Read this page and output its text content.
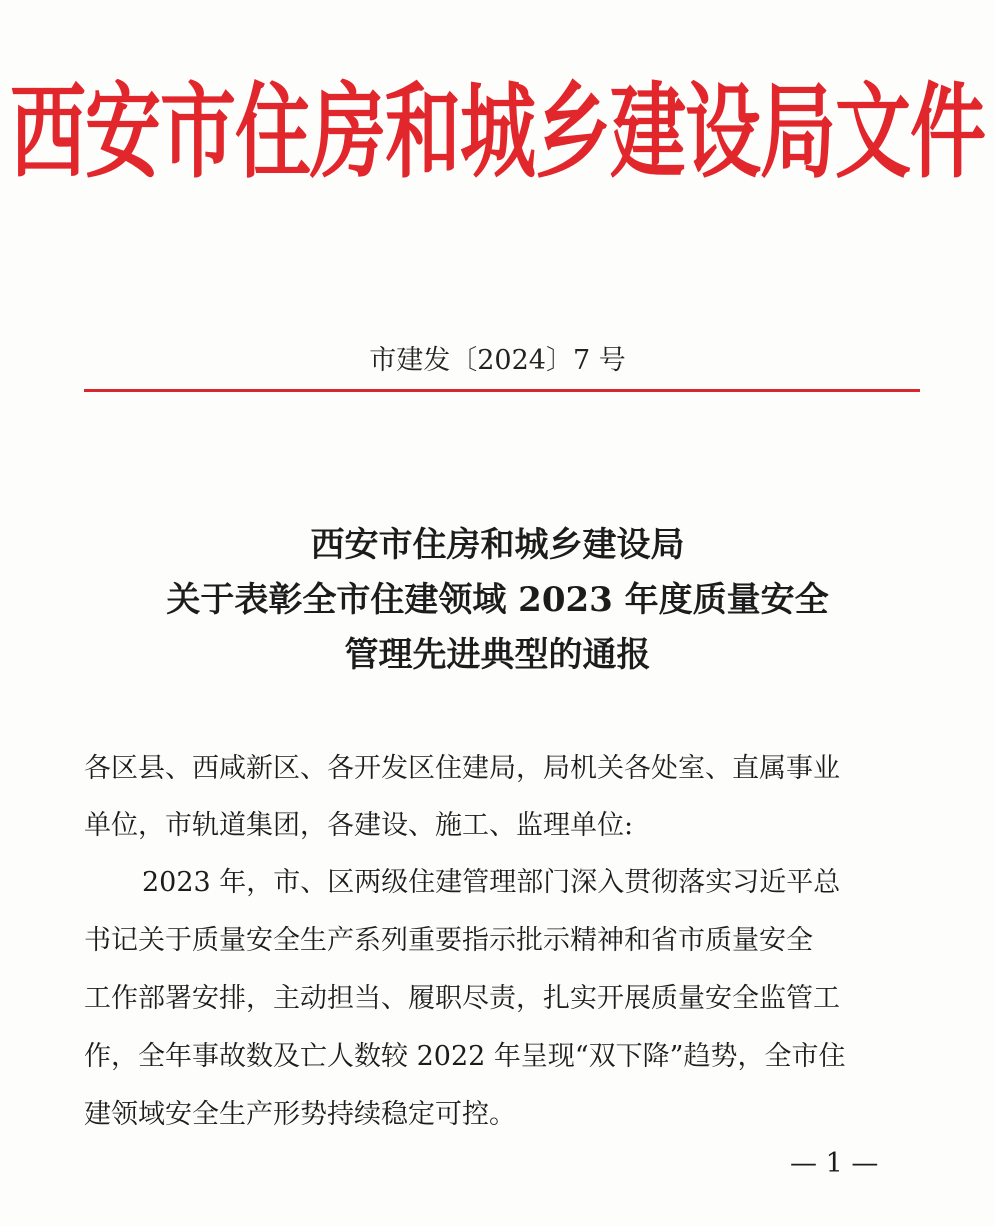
西安市住房和城乡建设局文件
市建发〔2024〕7 号
西安市住房和城乡建设局
关于表彰全市住建领域 2023 年度质量安全
管理先进典型的通报
各区县、西咸新区、各开发区住建局，局机关各处室、直属事业
单位，市轨道集团，各建设、施工、监理单位:
2023 年，市、区两级住建管理部门深入贯彻落实习近平总
书记关于质量安全生产系列重要指示批示精神和省市质量安全
工作部署安排，主动担当、履职尽责，扎实开展质量安全监管工
作，全年事故数及亡人数较 2022 年呈现“双下降”趋势，全市住
建领域安全生产形势持续稳定可控。
— 1 —
